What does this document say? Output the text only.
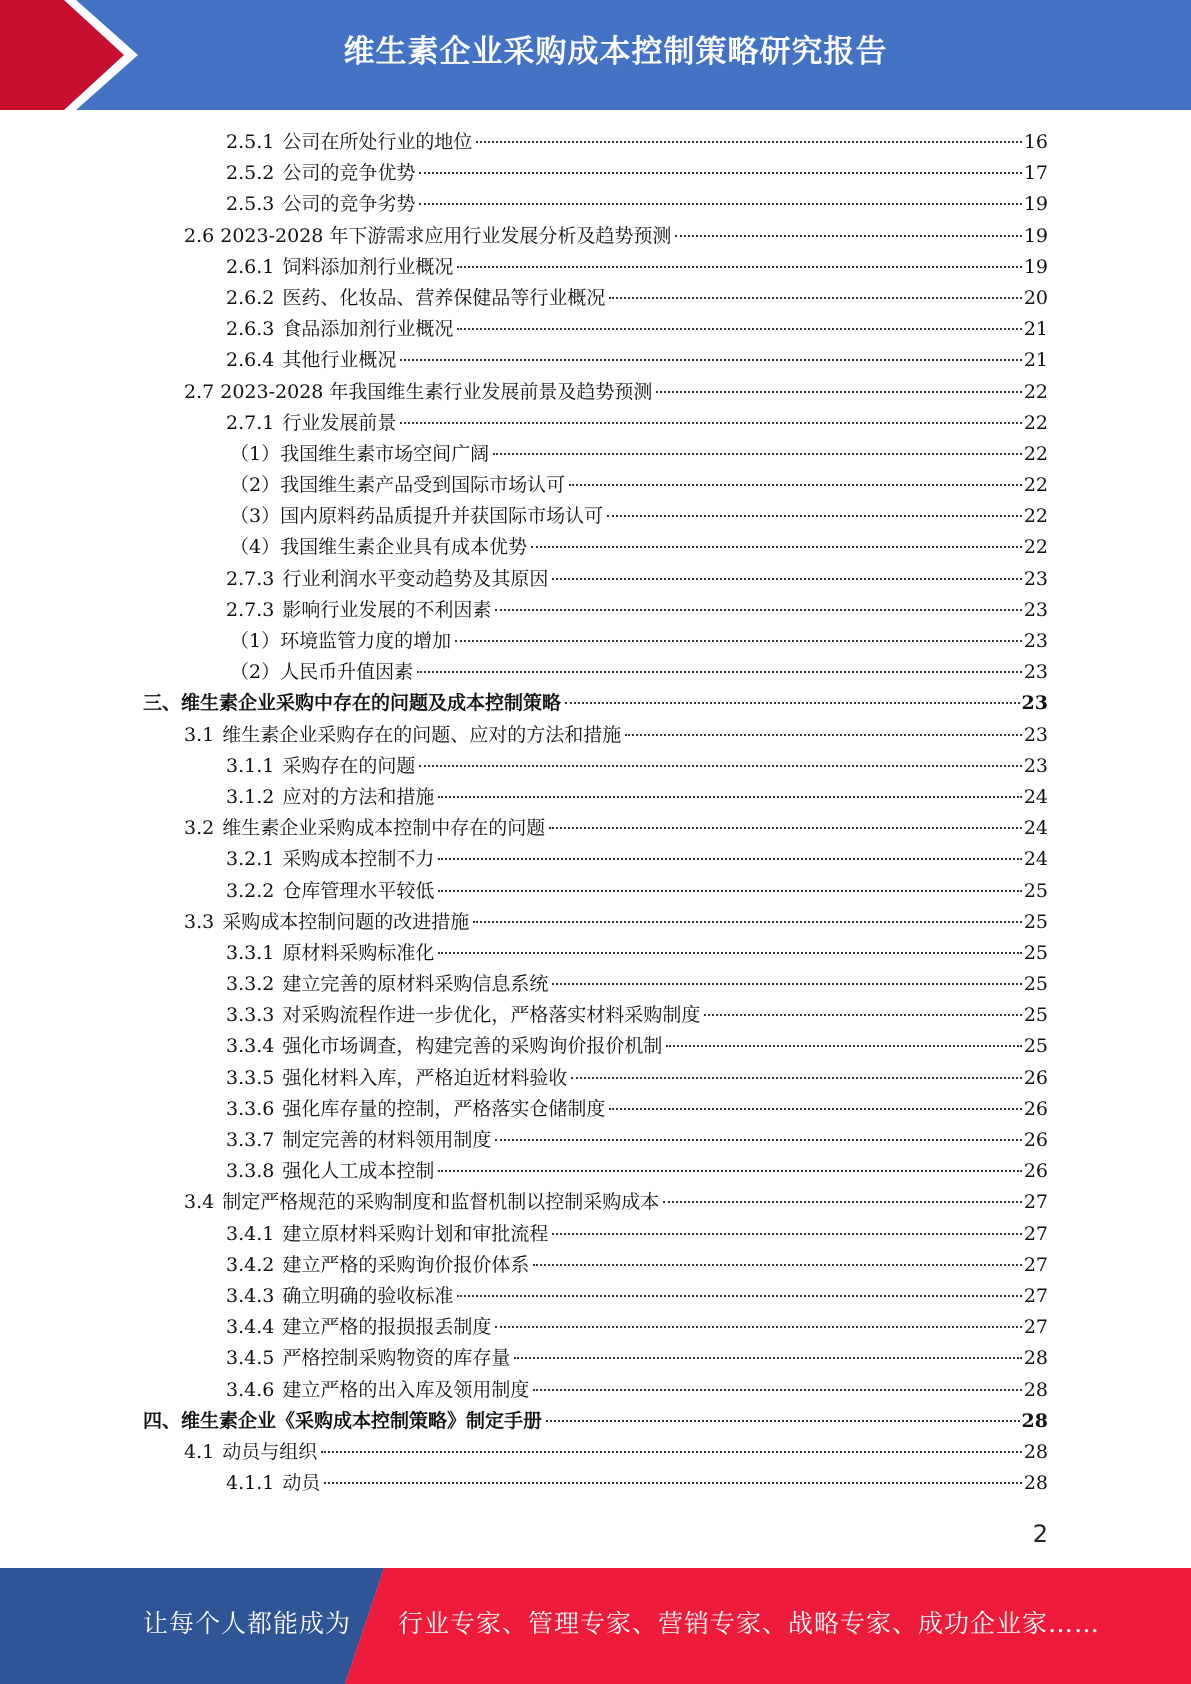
维生素企业采购成本控制策略研究报告
2.5.1 公司在所处行业的地位	16
2.5.2 公司的竞争优势	17
2.5.3 公司的竞争劣势	19
2.6 2023-2028 年下游需求应用行业发展分析及趋势预测	19
2.6.1 饲料添加剂行业概况	19
2.6.2 医药、化妆品、营养保健品等行业概况	20
2.6.3 食品添加剂行业概况	21
2.6.4 其他行业概况	21
2.7 2023-2028 年我国维生素行业发展前景及趋势预测	22
2.7.1 行业发展前景	22
（1）我国维生素市场空间广阔	22
（2）我国维生素产品受到国际市场认可	22
（3）国内原料药品质提升并获国际市场认可	22
（4）我国维生素企业具有成本优势	22
2.7.3 行业利润水平变动趋势及其原因	23
2.7.3 影响行业发展的不利因素	23
（1）环境监管力度的增加	23
（2）人民币升值因素	23
三、维生素企业采购中存在的问题及成本控制策略	23
3.1 维生素企业采购存在的问题、应对的方法和措施	23
3.1.1 采购存在的问题	23
3.1.2 应对的方法和措施	24
3.2 维生素企业采购成本控制中存在的问题	24
3.2.1 采购成本控制不力	24
3.2.2 仓库管理水平较低	25
3.3 采购成本控制问题的改进措施	25
3.3.1 原材料采购标准化	25
3.3.2 建立完善的原材料采购信息系统	25
3.3.3 对采购流程作进一步优化，严格落实材料采购制度	25
3.3.4 强化市场调查，构建完善的采购询价报价机制	25
3.3.5 强化材料入库，严格迫近材料验收	26
3.3.6 强化库存量的控制，严格落实仓储制度	26
3.3.7 制定完善的材料领用制度	26
3.3.8 强化人工成本控制	26
3.4 制定严格规范的采购制度和监督机制以控制采购成本	27
3.4.1 建立原材料采购计划和审批流程	27
3.4.2 建立严格的采购询价报价体系	27
3.4.3 确立明确的验收标准	27
3.4.4 建立严格的报损报丢制度	27
3.4.5 严格控制采购物资的库存量	28
3.4.6 建立严格的出入库及领用制度	28
四、维生素企业《采购成本控制策略》制定手册	28
4.1 动员与组织	28
4.1.1 动员	28
2
让每个人都能成为 行业专家、管理专家、营销专家、战略专家、成功企业家……
